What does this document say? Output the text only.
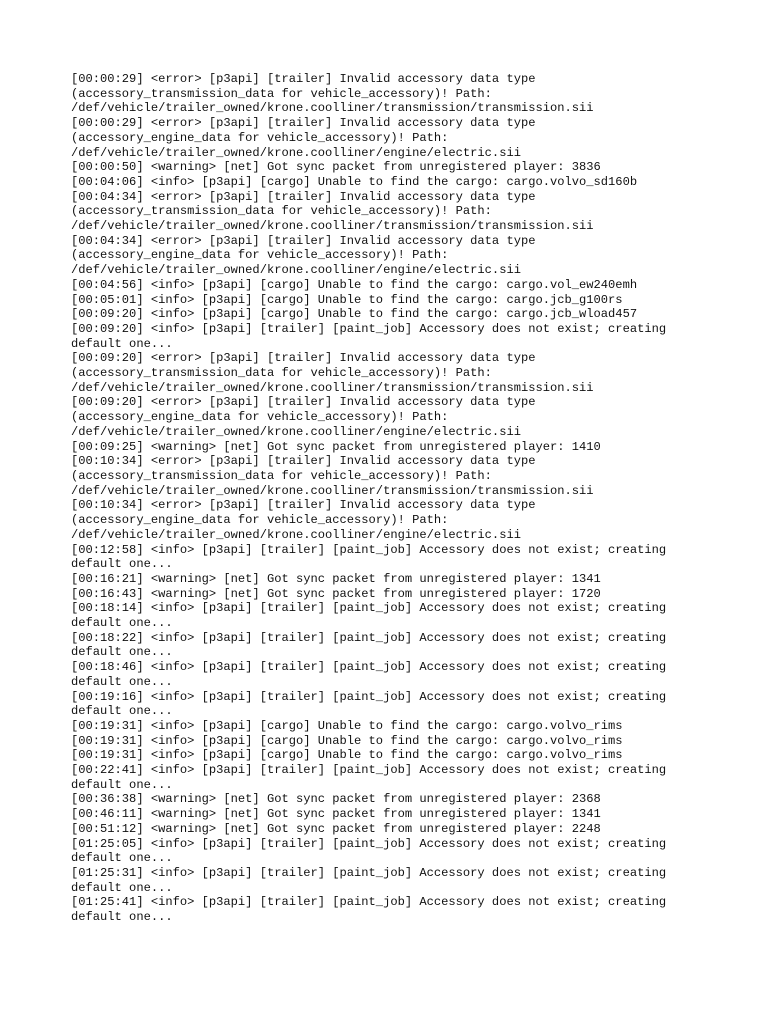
[00:00:29] <error> [p3api] [trailer] Invalid accessory data type
(accessory_transmission_data for vehicle_accessory)! Path:
/def/vehicle/trailer_owned/krone.coolliner/transmission/transmission.sii
[00:00:29] <error> [p3api] [trailer] Invalid accessory data type
(accessory_engine_data for vehicle_accessory)! Path:
/def/vehicle/trailer_owned/krone.coolliner/engine/electric.sii
[00:00:50] <warning> [net] Got sync packet from unregistered player: 3836
[00:04:06] <info> [p3api] [cargo] Unable to find the cargo: cargo.volvo_sd160b
[00:04:34] <error> [p3api] [trailer] Invalid accessory data type
(accessory_transmission_data for vehicle_accessory)! Path:
/def/vehicle/trailer_owned/krone.coolliner/transmission/transmission.sii
[00:04:34] <error> [p3api] [trailer] Invalid accessory data type
(accessory_engine_data for vehicle_accessory)! Path:
/def/vehicle/trailer_owned/krone.coolliner/engine/electric.sii
[00:04:56] <info> [p3api] [cargo] Unable to find the cargo: cargo.vol_ew240emh
[00:05:01] <info> [p3api] [cargo] Unable to find the cargo: cargo.jcb_g100rs
[00:09:20] <info> [p3api] [cargo] Unable to find the cargo: cargo.jcb_wload457
[00:09:20] <info> [p3api] [trailer] [paint_job] Accessory does not exist; creating
default one...
[00:09:20] <error> [p3api] [trailer] Invalid accessory data type
(accessory_transmission_data for vehicle_accessory)! Path:
/def/vehicle/trailer_owned/krone.coolliner/transmission/transmission.sii
[00:09:20] <error> [p3api] [trailer] Invalid accessory data type
(accessory_engine_data for vehicle_accessory)! Path:
/def/vehicle/trailer_owned/krone.coolliner/engine/electric.sii
[00:09:25] <warning> [net] Got sync packet from unregistered player: 1410
[00:10:34] <error> [p3api] [trailer] Invalid accessory data type
(accessory_transmission_data for vehicle_accessory)! Path:
/def/vehicle/trailer_owned/krone.coolliner/transmission/transmission.sii
[00:10:34] <error> [p3api] [trailer] Invalid accessory data type
(accessory_engine_data for vehicle_accessory)! Path:
/def/vehicle/trailer_owned/krone.coolliner/engine/electric.sii
[00:12:58] <info> [p3api] [trailer] [paint_job] Accessory does not exist; creating
default one...
[00:16:21] <warning> [net] Got sync packet from unregistered player: 1341
[00:16:43] <warning> [net] Got sync packet from unregistered player: 1720
[00:18:14] <info> [p3api] [trailer] [paint_job] Accessory does not exist; creating
default one...
[00:18:22] <info> [p3api] [trailer] [paint_job] Accessory does not exist; creating
default one...
[00:18:46] <info> [p3api] [trailer] [paint_job] Accessory does not exist; creating
default one...
[00:19:16] <info> [p3api] [trailer] [paint_job] Accessory does not exist; creating
default one...
[00:19:31] <info> [p3api] [cargo] Unable to find the cargo: cargo.volvo_rims
[00:19:31] <info> [p3api] [cargo] Unable to find the cargo: cargo.volvo_rims
[00:19:31] <info> [p3api] [cargo] Unable to find the cargo: cargo.volvo_rims
[00:22:41] <info> [p3api] [trailer] [paint_job] Accessory does not exist; creating
default one...
[00:36:38] <warning> [net] Got sync packet from unregistered player: 2368
[00:46:11] <warning> [net] Got sync packet from unregistered player: 1341
[00:51:12] <warning> [net] Got sync packet from unregistered player: 2248
[01:25:05] <info> [p3api] [trailer] [paint_job] Accessory does not exist; creating
default one...
[01:25:31] <info> [p3api] [trailer] [paint_job] Accessory does not exist; creating
default one...
[01:25:41] <info> [p3api] [trailer] [paint_job] Accessory does not exist; creating
default one...
